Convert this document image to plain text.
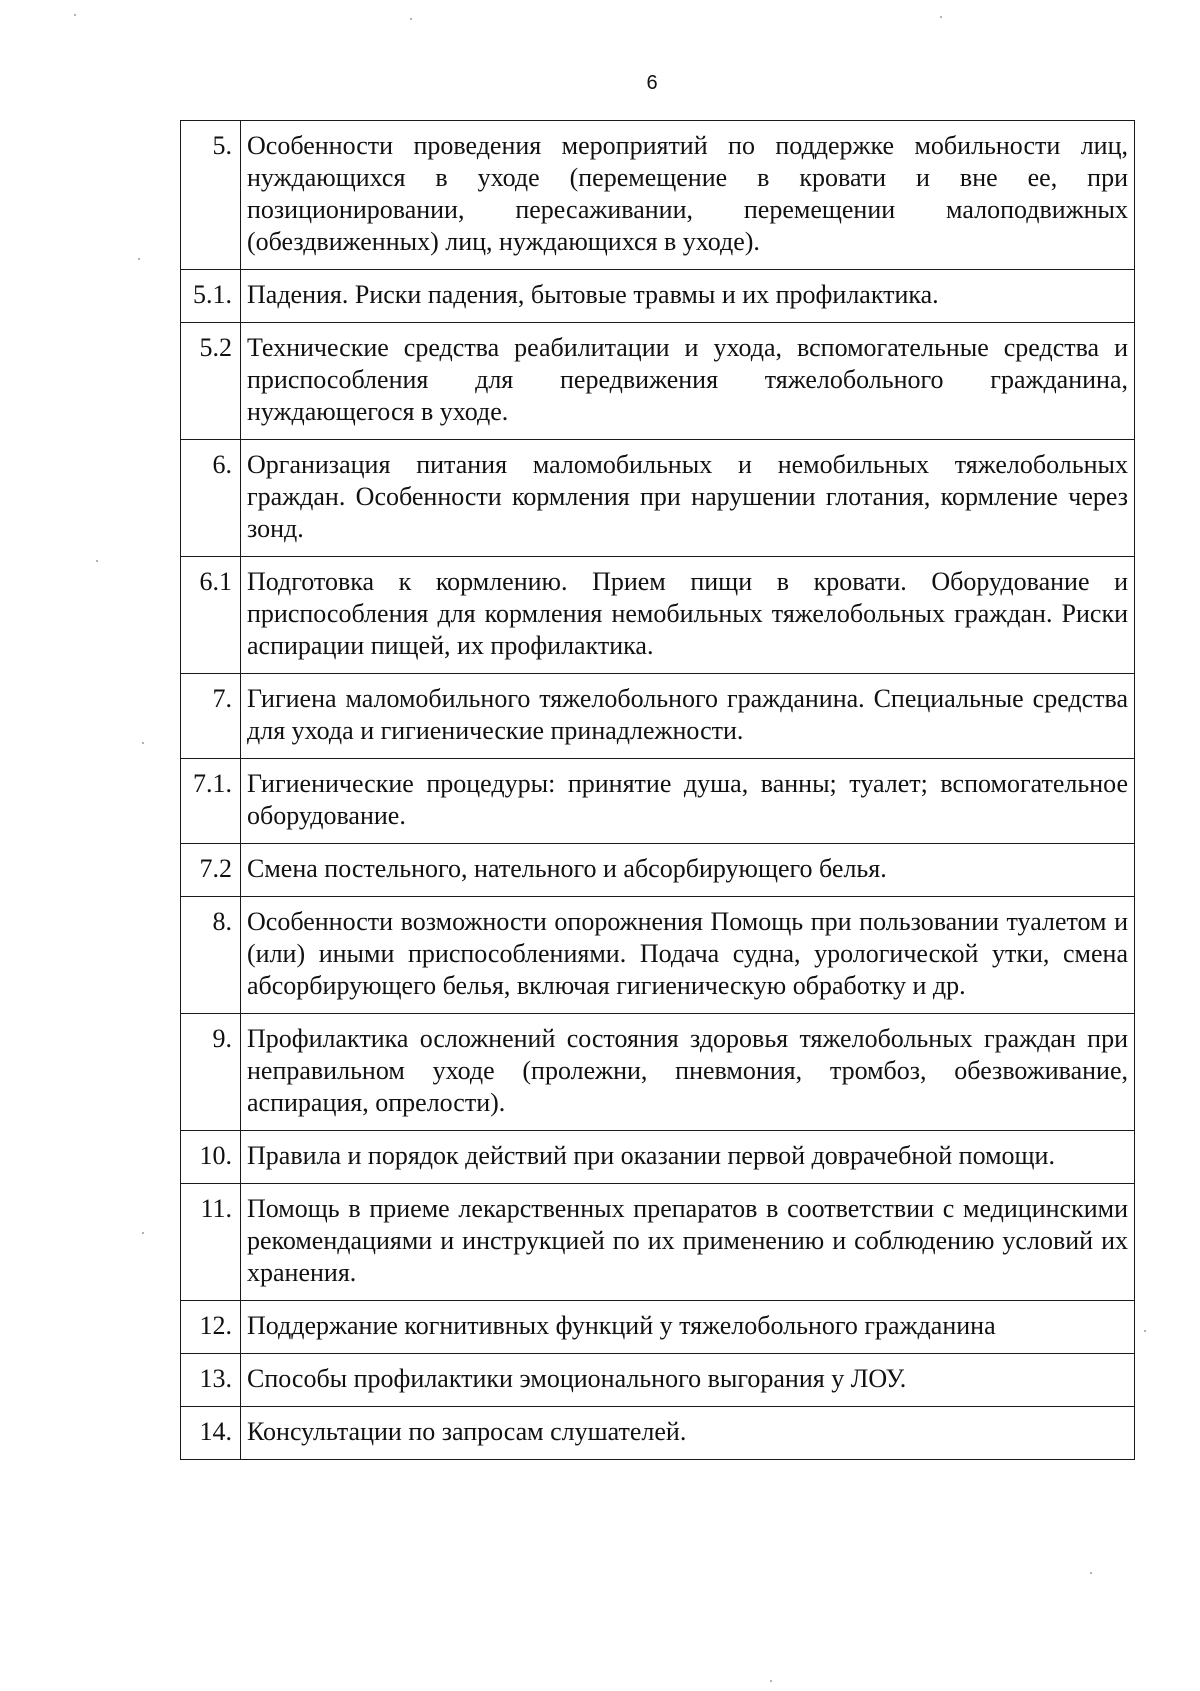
6
5.	Особенности проведения мероприятий по поддержке мобильности лиц, нуждающихся в уходе (перемещение в кровати и вне ее, при позиционировании, пересаживании, перемещении малоподвижных (обездвиженных) лиц, нуждающихся в уходе).
5.1.	Падения. Риски падения, бытовые травмы и их профилактика.
5.2	Технические средства реабилитации и ухода, вспомогательные средства и приспособления для передвижения тяжелобольного гражданина, нуждающегося в уходе.
6.	Организация питания маломобильных и немобильных тяжелобольных граждан. Особенности кормления при нарушении глотания, кормление через зонд.
6.1	Подготовка к кормлению. Прием пищи в кровати. Оборудование и приспособления для кормления немобильных тяжелобольных граждан. Риски аспирации пищей, их профилактика.
7.	Гигиена маломобильного тяжелобольного гражданина. Специальные средства для ухода и гигиенические принадлежности.
7.1.	Гигиенические процедуры: принятие душа, ванны; туалет; вспомогательное оборудование.
7.2	Смена постельного, нательного и абсорбирующего белья.
8.	Особенности возможности опорожнения Помощь при пользовании туалетом и (или) иными приспособлениями. Подача судна, урологической утки, смена абсорбирующего белья, включая гигиеническую обработку и др.
9.	Профилактика осложнений состояния здоровья тяжелобольных граждан при неправильном уходе (пролежни, пневмония, тромбоз, обезвоживание, аспирация, опрелости).
10.	Правила и порядок действий при оказании первой доврачебной помощи.
11.	Помощь в приеме лекарственных препаратов в соответствии с медицинскими рекомендациями и инструкцией по их применению и соблюдению условий их хранения.
12.	Поддержание когнитивных функций у тяжелобольного гражданина
13.	Способы профилактики эмоционального выгорания у ЛОУ.
14.	Консультации по запросам слушателей.
